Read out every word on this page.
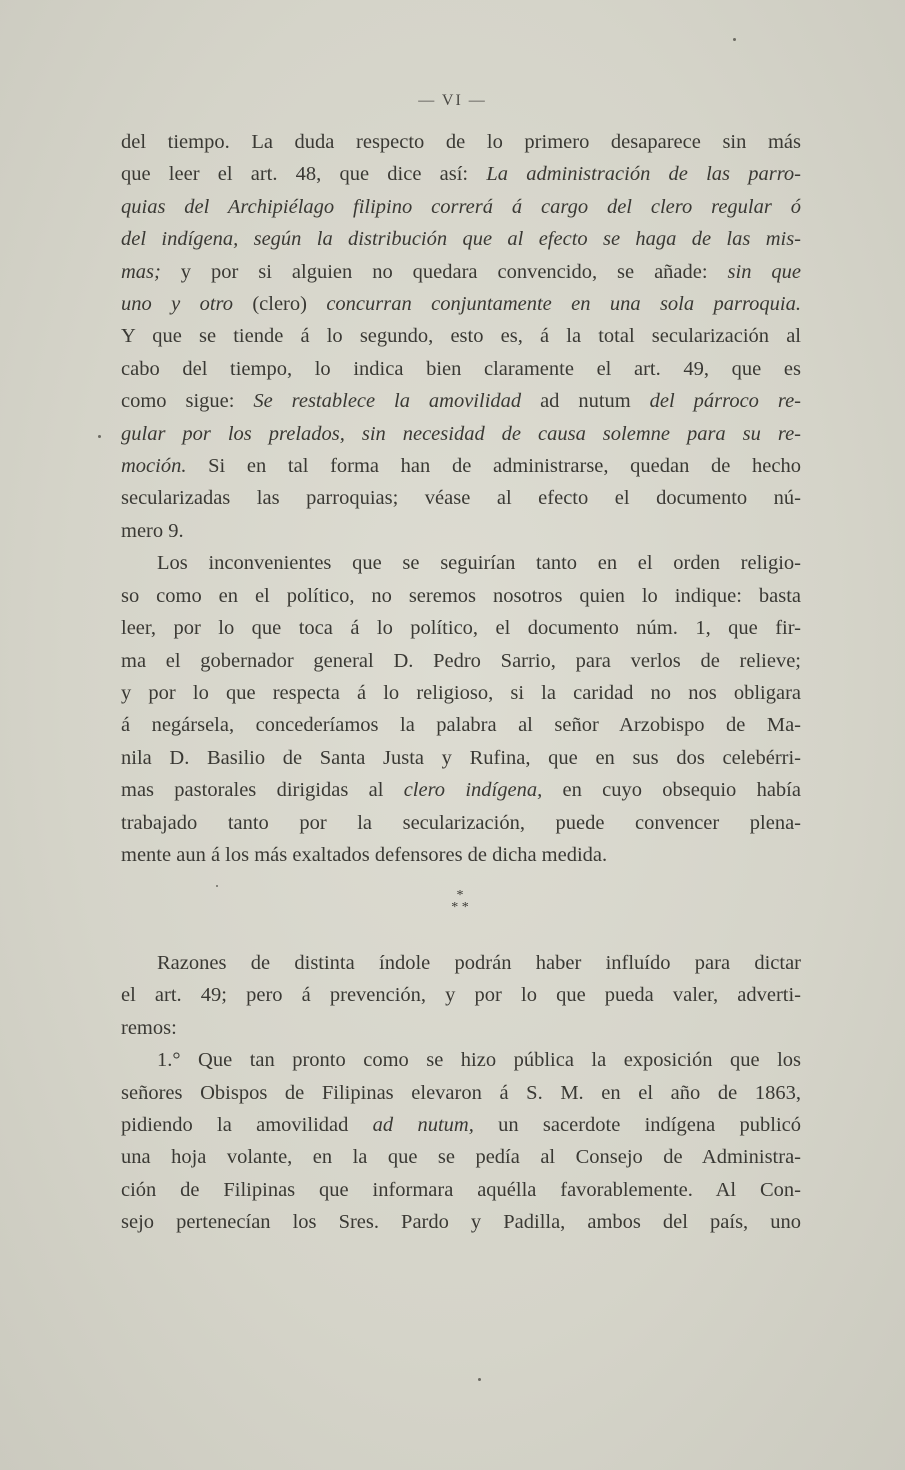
— VI —
del tiempo. La duda respecto de lo primero desaparece sin más
que leer el art. 48, que dice así: La administración de las parro-
quias del Archipiélago filipino correrá á cargo del clero regular ó
del indígena, según la distribución que al efecto se haga de las mis-
mas; y por si alguien no quedara convencido, se añade: sin que
uno y otro (clero) concurran conjuntamente en una sola parroquia.
Y que se tiende á lo segundo, esto es, á la total secularización al
cabo del tiempo, lo indica bien claramente el art. 49, que es
como sigue: Se restablece la amovilidad ad nutum del párroco re-
gular por los prelados, sin necesidad de causa solemne para su re-
moción. Si en tal forma han de administrarse, quedan de hecho
secularizadas las parroquias; véase al efecto el documento nú-
mero 9.
Los inconvenientes que se seguirían tanto en el orden religio-
so como en el político, no seremos nosotros quien lo indique: basta
leer, por lo que toca á lo político, el documento núm. 1, que fir-
ma el gobernador general D. Pedro Sarrio, para verlos de relieve;
y por lo que respecta á lo religioso, si la caridad no nos obligara
á negársela, concederíamos la palabra al señor Arzobispo de Ma-
nila D. Basilio de Santa Justa y Rufina, que en sus dos celebérri-
mas pastorales dirigidas al clero indígena, en cuyo obsequio había
trabajado tanto por la secularización, puede convencer plena-
mente aun á los más exaltados defensores de dicha medida.
*
* *
Razones de distinta índole podrán haber influído para dictar
el art. 49; pero á prevención, y por lo que pueda valer, adverti-
remos:
1.° Que tan pronto como se hizo pública la exposición que los
señores Obispos de Filipinas elevaron á S. M. en el año de 1863,
pidiendo la amovilidad ad nutum, un sacerdote indígena publicó
una hoja volante, en la que se pedía al Consejo de Administra-
ción de Filipinas que informara aquélla favorablemente. Al Con-
sejo pertenecían los Sres. Pardo y Padilla, ambos del país, uno
